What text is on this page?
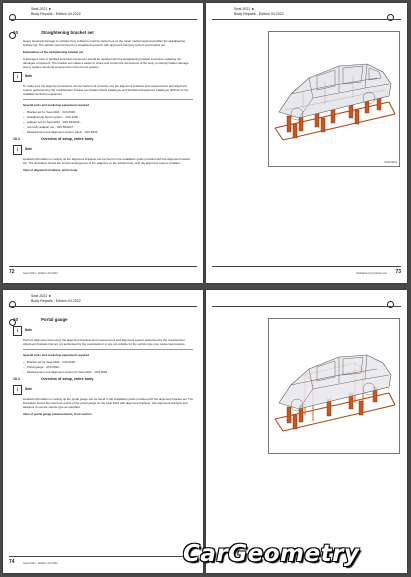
Seat 2021 ►
Body Repairs - Edition 04.2022
10	Straightening bracket set
Heavy structural damage to vehicles from collisions must be carried out on the repair method approved within the straightening bracket set. The vehicle must be fixed to a straightening bench with approved clamping system and bracket set.
Explanation of the straightening bracket set
A damaged, bent or buckled structural component should be repaired with the straightening bracket set before replacing the damaged component. The bracket set makes it easier to check and correct the dimensions of the body, to identify hidden damage and to replace structural components in the correct position.
i	Note
To make sure the alignment procedure can be carried out correctly, use the alignment brackets and measurement and alignment system authorised by the manufacturer. Please see dealer's Parts Catalogue and Workshop Equipment Catalogue (ETKA) for the available workshop equipment.
Special tools and workshop equipment required
– Bracket set for Seat 2021 - VAS 6630 -
– Straightening bench system - VAS 6630 -
– Adapter set for Seat 2021 - VAS 6630/36 -
– Car body adapter set - VAS 6630/27 -
– Measurement and alignment system, basic - VAS 6632 -
10.1	Overview of setup, entire body
i	Note
Detailed information on setting up the alignment brackets can be found in the installation guide provided with the alignment bracket set. The illustration shows the correct arrangement of the adapters on the vehicle body, with the alignment system installed.
View of alignment brackets, entire body
72	Seat 2021 - Edition 04.2022
Seat 2021 ►
Body Repairs - Edition 04.2022
S010-0213
Straightening bracket set 73
Seat 2021 ►
Body Repairs - Edition 04.2022
10	Portal gauge
i	Note
Perform alignment work using the alignment brackets and measurement and alignment system authorised by the manufacturer. Alignment brackets that are not authorised by the manufacturer or are not suitable for the vehicle type may cause inaccuracies.
Special tools and workshop equipment required
– Bracket set for Seat 2021 - VAS 6630 -
– Portal gauge - VAS 6630 -
– Measurement and alignment system for Seat 2021 - VAS 6632 -
10.1	Overview of setup, entire body
i	Note
Detailed information on setting up the portal gauge can be found in the installation guide provided with the alignment bracket set. The illustration shows the reference points of the portal gauge on the Seat 2021 with alignment brackets. Use alignment brackets and adapters to suit the vehicle type as specified.
View of portal gauge measurements, front section
74	Seat 2021 - Edition 04.2022	CarGeometry
